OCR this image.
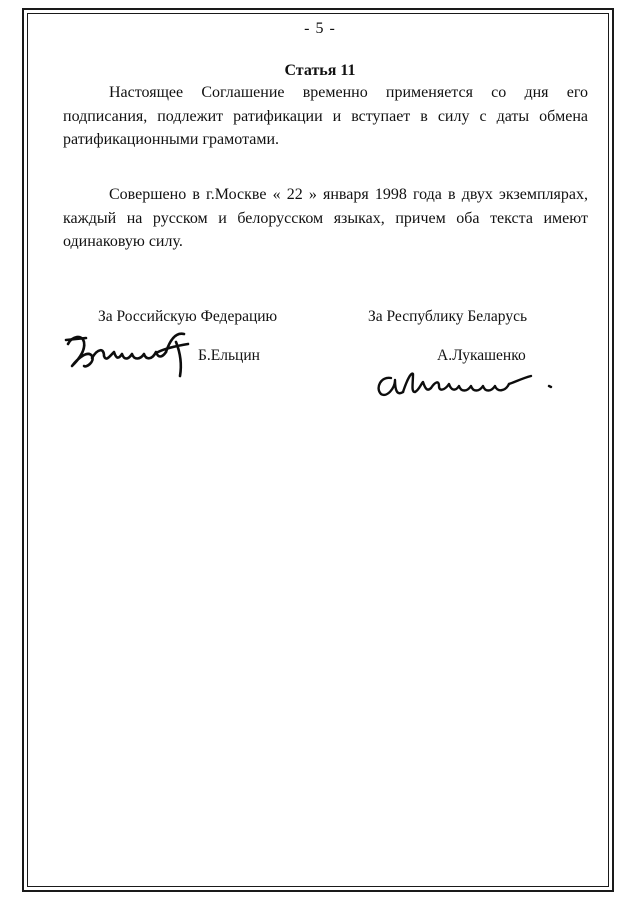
- 5 -
Статья 11
Настоящее Соглашение временно применяется со дня его подписания, подлежит ратификации и вступает в силу с даты обмена ратификационными грамотами.
Совершено в г.Москве « 22 » января 1998 года в двух экземплярах, каждый на русском и белорусском языках, причем оба текста имеют одинаковую силу.
За Российскую Федерацию	За Республику Беларусь
Б.Ельцин	А.Лукашенко
